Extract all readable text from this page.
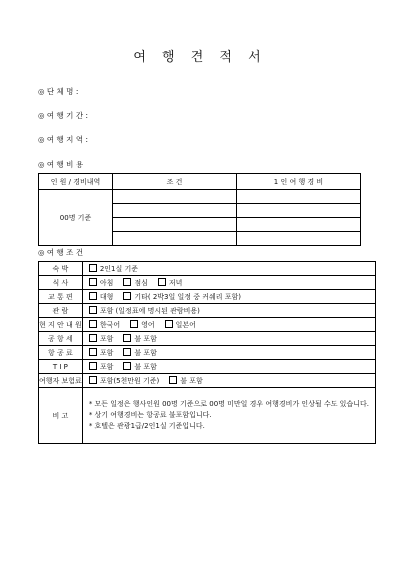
여 행 견 적 서
◎ 단 체 명 :
◎ 여 행 기 간 :
◎ 여 행 지 역 :
◎ 여 행 비 용
인 원 / 경비내역	조 건	1 인 여 행 경 비
00명 기준		

◎ 여 행 조 건
숙 박	2인1실 기준
식 사	아침 점심 저녁
교 통 편	대형 기타( 2박3일 일정 중 커쉐리 포함)
관 람	포함 (일정표에 명시된 관람비용)
현 지 안 내 원	한국어 영어 일본어
공 항 세	포함 불 포함
항 공 료	포함 불 포함
T I P	포함 불 포함
여행자 보험료	포함(5천만원 기준) 불 포함
비 고	* 모든 일정은 행사인원 00명 기준으로 00명 미만일 경우 여행경비가 인상될 수도 있습니다.
* 상기 여행경비는 항공료 불포함입니다.
* 호텔은 관광1급/2인1실 기준입니다.
